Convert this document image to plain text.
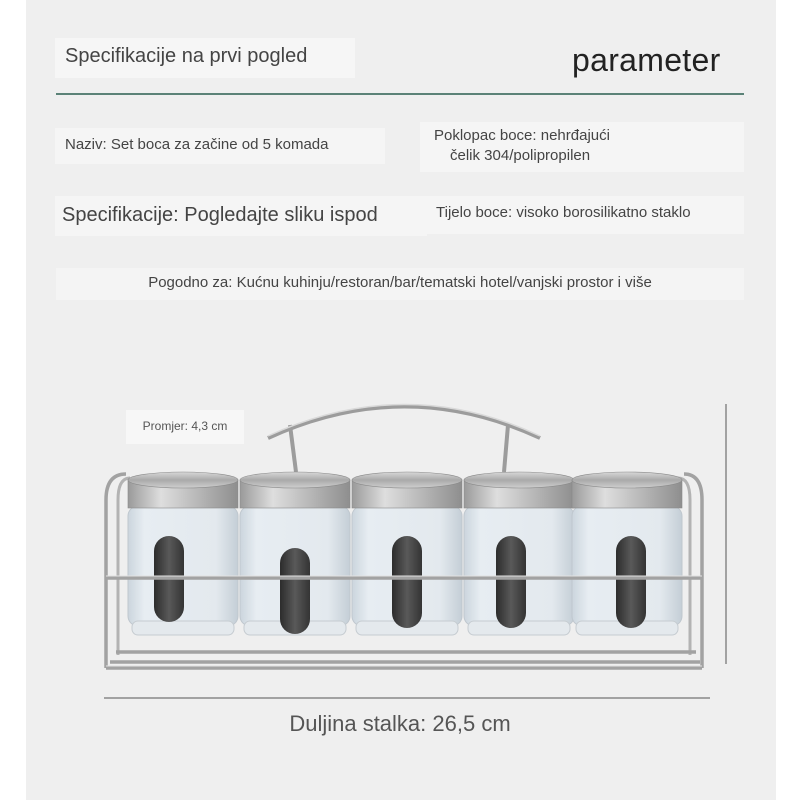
Specifikacije na prvi pogled	parameter
Naziv: Set boca za začine od 5 komada
Poklopac boce: nehrđajući
čelik 304/polipropilen
Specifikacije: Pogledajte sliku ispod	Tijelo boce: visoko borosilikatno staklo
Pogodno za: Kućnu kuhinju/restoran/bar/tematski hotel/vanjski prostor i više
Promjer: 4,3 cm
Duljina stalka: 26,5 cm
